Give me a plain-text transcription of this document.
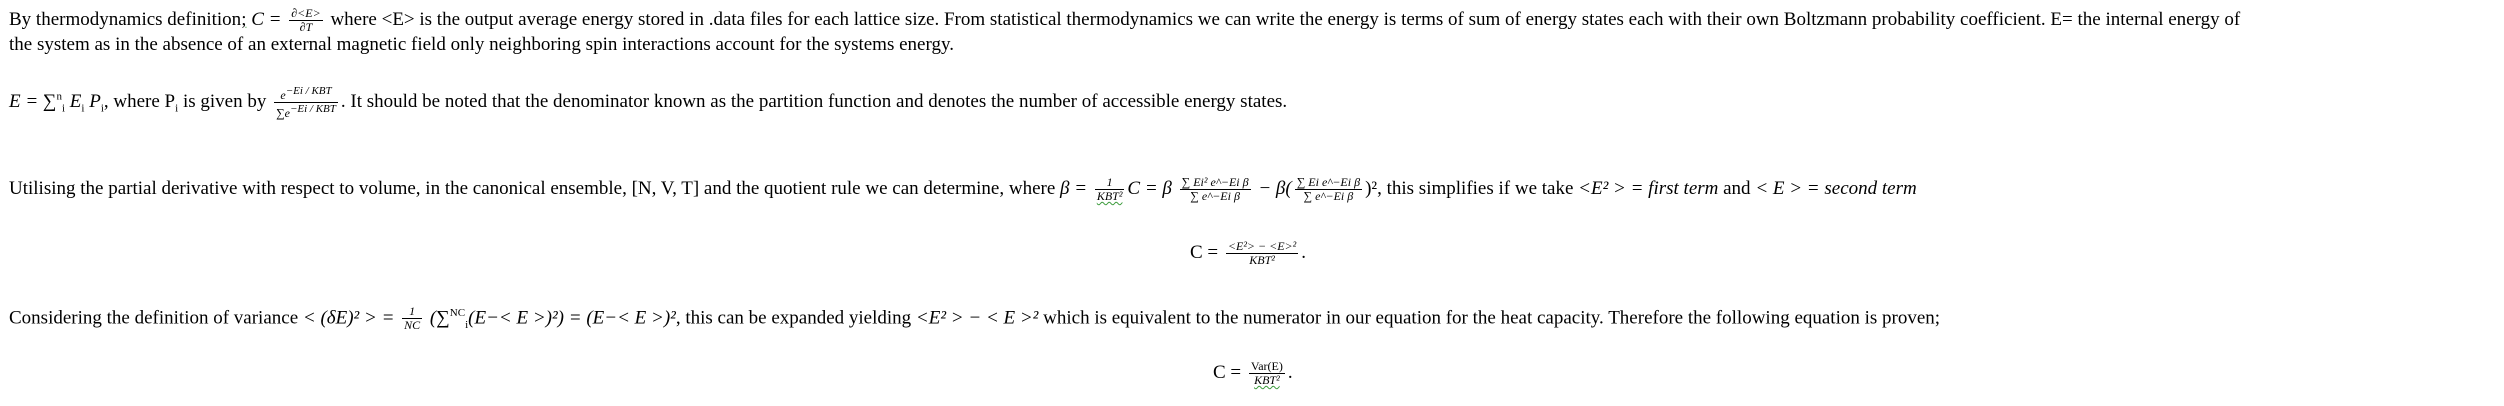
By thermodynamics definition; $C = \frac{\partial<E>}{\partial T}$ where <E> is the output average energy stored in .data files for each lattice size. From statistical thermodynamics we can write the energy is terms of sum of energy states each with their own Boltzmann probability coefficient. E= the internal energy of
the system as in the absence of an external magnetic field only neighboring spin interactions account for the systems energy.
E = ∑$^n_i$ $E_i$ $P_i$, where $P_i$ is given by $\frac{\text{e−Ei / KBT}}{\text{∑e−Ei / KBT}}$ . It should be noted that the denominator known as the partition function and denotes the number of accessible energy states.
Utilising the partial derivative with respect to volume, in the canonical ensemble, [N, V, T] and the quotient rule we can determine, where $\beta = \frac{1}{\text{KBT²}}$ C = β $\frac{\text{∑ Ei² e\textasciicircum{}−Ei β}}{\text{∑ e\textasciicircum{}−Ei β}} - \beta( \frac{\text{∑ Ei e\textasciicircum{}−Ei β}}{\text{∑ e\textasciicircum{}−Ei β}} )^2$, this simplifies if we take <E² > = first term and < E > = second term
$C = \frac{\text{<E²> − <E>²}}{\text{KBT²}}$ .
Considering the definition of variance < (δE)² > = $\frac{1}{NC} (\sum^{NC}_i(E-< E >)^2) = (E-< E >)^2$, this can be expanded yielding <E² > − < E >² which is equivalent to the numerator in our equation for the heat capacity. Therefore the following equation is proven;
$C = \frac{\text{Var(E)}}{\text{KBT²}}$ .
